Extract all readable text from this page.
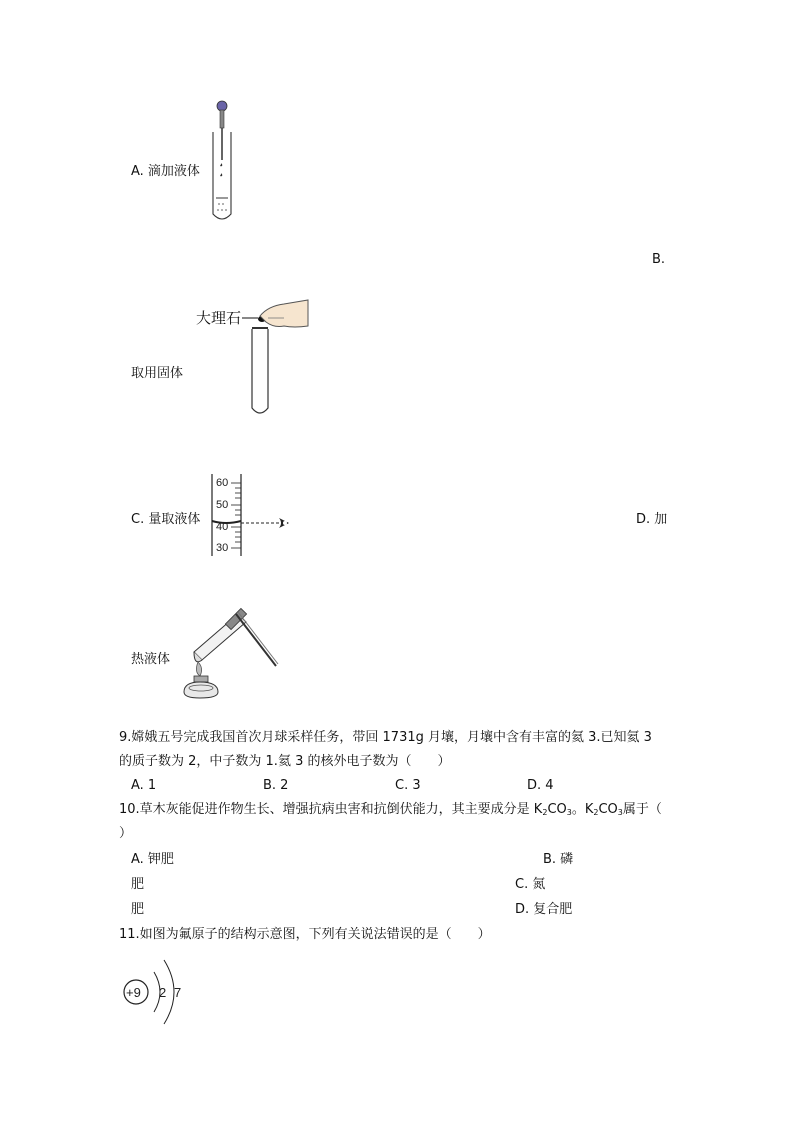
A. 滴加液体
B.
大理石
取用固体
C. 量取液体
60
50
40
30
D. 加
热液体
9.嫦娥五号完成我国首次月球采样任务，带回 1731g 月壤，月壤中含有丰富的氦 3.已知氦 3
的质子数为 2，中子数为 1.氦 3 的核外电子数为（　　）
A. 1	B. 2	C. 3	D. 4
10.草木灰能促进作物生长、增强抗病虫害和抗倒伏能力，其主要成分是 $K_2CO_3$。$K_2CO_3$属于（
）
A. 钾肥	B. 磷
肥	C. 氮
肥	D. 复合肥
11.如图为氟原子的结构示意图，下列有关说法错误的是（　　）
+9 2 7
